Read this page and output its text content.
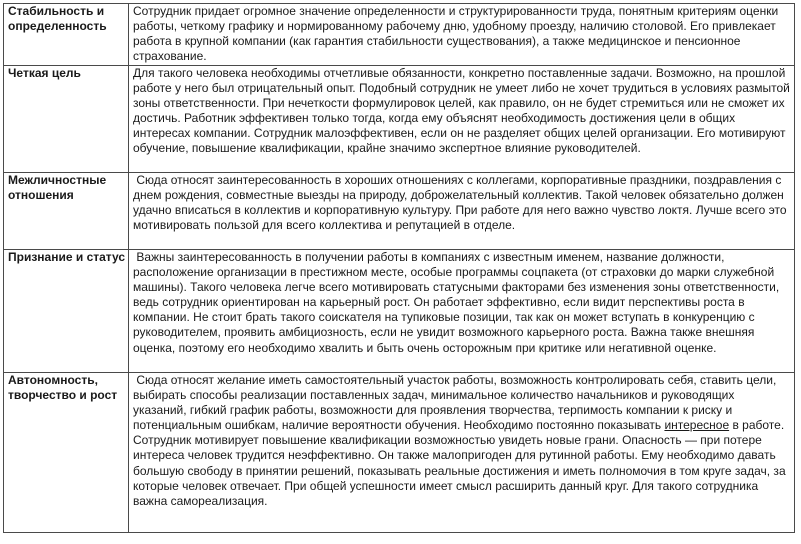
Стабильность и определенность	Сотрудник придает огромное значение определенности и структурированности труда, понятным критериям оценки работы, четкому графику и нормированному рабочему дню, удобному проезду, наличию столовой. Его привлекает работа в крупной компании (как гарантия стабильности существования), а также медицинское и пенсионное страхование.
Четкая цель	Для такого человека необходимы отчетливые обязанности, конкретно поставленные задачи. Возможно, на прошлой работе у него был отрицательный опыт. Подобный сотрудник не умеет либо не хочет трудиться в условиях размытой зоны ответственности. При нечеткости формулировок целей, как правило, он не будет стремиться или не сможет их достичь. Работник эффективен только тогда, когда ему объяснят необходимость достижения цели в общих интересах компании. Сотрудник малоэффективен, если он не разделяет общих целей организации. Его мотивируют обучение, повышение квалификации, крайне значимо экспертное влияние руководителей.
Межличностные отношения	Сюда относят заинтересованность в хороших отношениях с коллегами, корпоративные праздники, поздравления с днем рождения, совместные выезды на природу, доброжелательный коллектив. Такой человек обязательно должен удачно вписаться в коллектив и корпоративную культуру. При работе для него важно чувство локтя. Лучше всего это мотивировать пользой для всего коллектива и репутацией в отделе.
Признание и статус	Важны заинтересованность в получении работы в компаниях с известным именем, название должности, расположение организации в престижном месте, особые программы соцпакета (от страховки до марки служебной машины). Такого человека легче всего мотивировать статусными факторами без изменения зоны ответственности, ведь сотрудник ориентирован на карьерный рост. Он работает эффективно, если видит перспективы роста в компании. Не стоит брать такого соискателя на тупиковые позиции, так как он может вступать в конкуренцию с руководителем, проявить амбициозность, если не увидит возможного карьерного роста. Важна также внешняя оценка, поэтому его необходимо хвалить и быть очень осторожным при критике или негативной оценке.
Автономность, творчество и рост	Сюда относят желание иметь самостоятельный участок работы, возможность контролировать себя, ставить цели, выбирать способы реализации поставленных задач, минимальное количество начальников и руководящих указаний, гибкий график работы, возможности для проявления творчества, терпимость компании к риску и потенциальным ошибкам, наличие вероятности обучения. Необходимо постоянно показывать интересное в работе. Сотрудник мотивирует повышение квалификации возможностью увидеть новые грани. Опасность — при потере интереса человек трудится неэффективно. Он также малопригоден для рутинной работы. Ему необходимо давать большую свободу в принятии решений, показывать реальные достижения и иметь полномочия в том круге задач, за которые человек отвечает. При общей успешности имеет смысл расширить данный круг. Для такого сотрудника важна самореализация.
